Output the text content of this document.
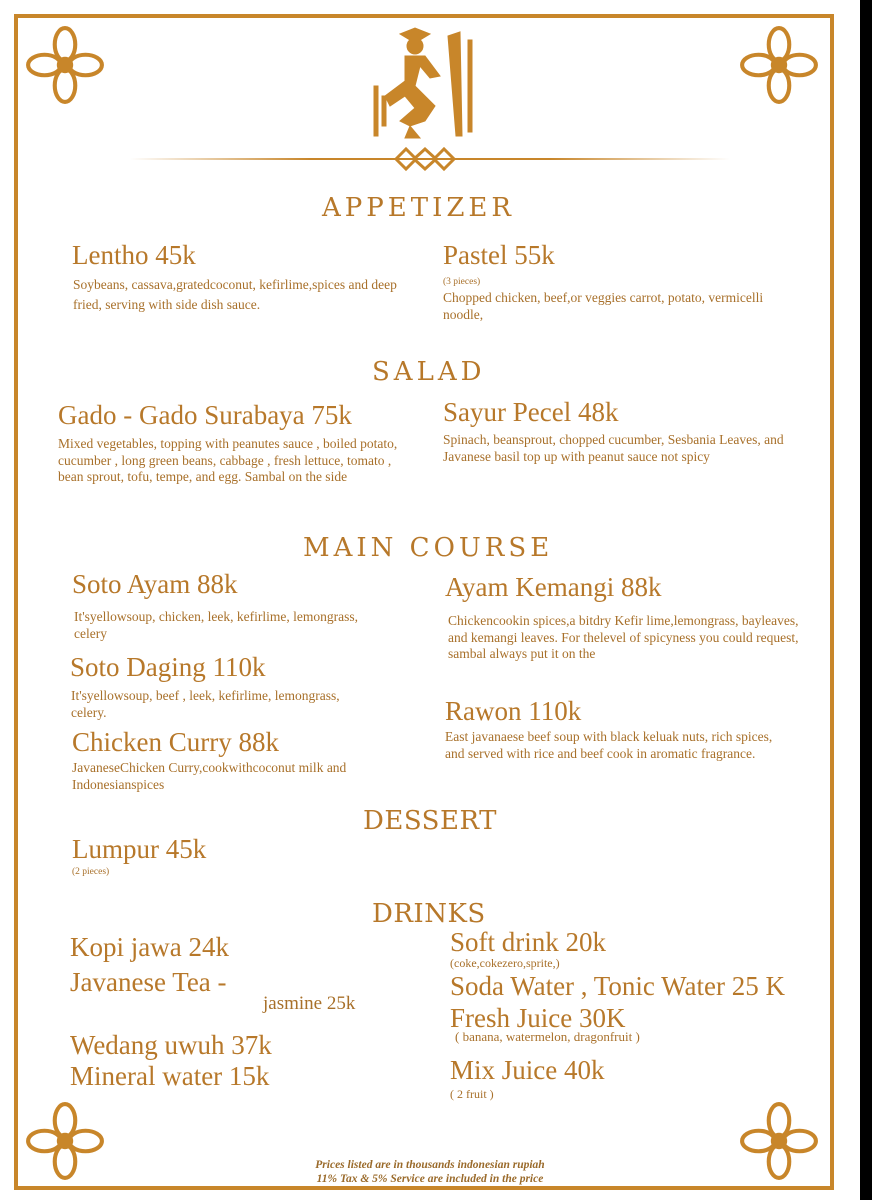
APPETIZER
Lentho 45k
Soybeans, cassava,gratedcoconut, kefirlime,spices and deep fried, serving with side dish sauce.
Pastel 55k
(3 pieces)
Chopped chicken, beef,or veggies carrot, potato, vermicelli noodle,
SALAD
Gado - Gado Surabaya 75k
Mixed vegetables, topping with peanutes sauce , boiled potato, cucumber , long green beans, cabbage , fresh lettuce, tomato , bean sprout, tofu, tempe, and egg. Sambal on the side
Sayur Pecel 48k
Spinach, beansprout, chopped cucumber, Sesbania Leaves, and Javanese basil top up with peanut sauce not spicy
MAIN COURSE
Soto Ayam 88k
It'syellowsoup, chicken, leek, kefirlime, lemongrass, celery
Soto Daging 110k
It'syellowsoup, beef , leek, kefirlime, lemongrass, celery.
Chicken Curry 88k
JavaneseChicken Curry,cookwithcoconut milk and Indonesianspices
Ayam Kemangi 88k
Chickencookin spices,a bitdry Kefir lime,lemongrass, bayleaves, and kemangi leaves. For thelevel of spicyness you could request, sambal always put it on the
Rawon 110k
East javanaese beef soup with black keluak nuts, rich spices, and served with rice and beef cook in aromatic fragrance.
DESSERT
Lumpur 45k
(2 pieces)
DRINKS
Kopi jawa 24k
Javanese Tea -
jasmine 25k
Wedang uwuh 37k
Mineral water 15k
Soft drink 20k
(coke,cokezero,sprite,)
Soda Water , Tonic Water 25 K
Fresh Juice 30K
( banana, watermelon, dragonfruit )
Mix Juice 40k
( 2 fruit )
Prices listed are in thousands indonesian rupiah
11% Tax & 5% Service are included in the price
